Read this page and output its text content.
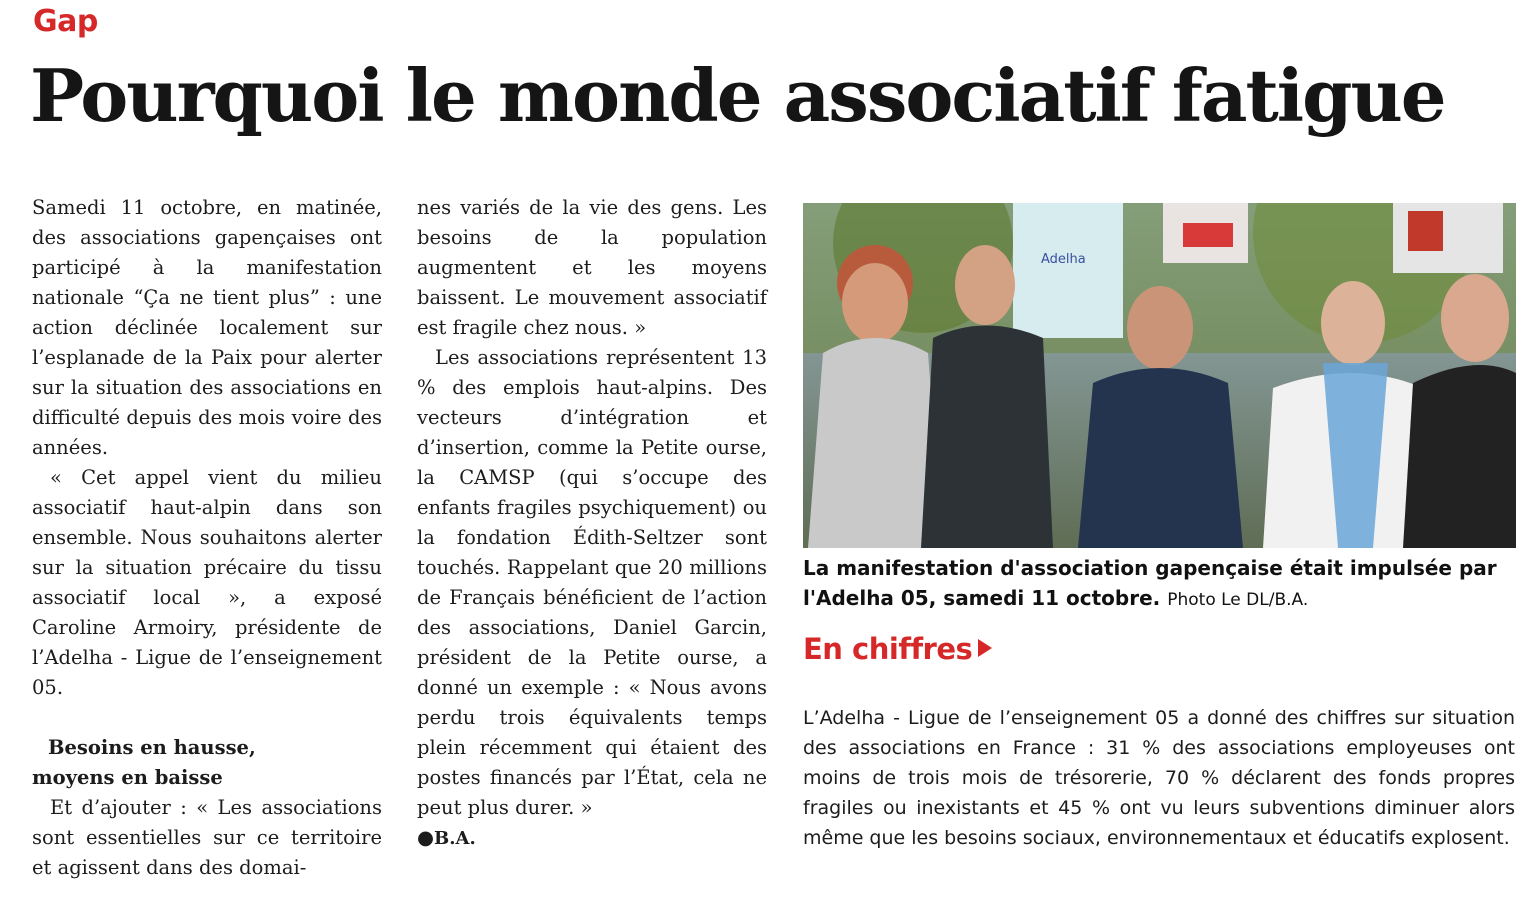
Gap
Pourquoi le monde associatif fatigue

Samedi 11 octobre, en matinée, des associations gapençaises ont participé à la manifestation nationale “Ça ne tient plus” : une action déclinée localement sur l’esplanade de la Paix pour alerter sur la situation des associations en difficulté depuis des mois voire des années.

« Cet appel vient du milieu associatif haut-alpin dans son ensemble. Nous souhaitons alerter sur la situation précaire du tissu associatif local », a exposé Caroline Armoiry, présidente de l’Adelha - Ligue de l’enseignement 05.

Besoins en hausse,
moyens en baisse

Et d’ajouter : « Les associations sont essentielles sur ce territoire et agissent dans des domai-

nes variés de la vie des gens. Les besoins de la population augmentent et les moyens baissent. Le mouvement associatif est fragile chez nous. »

Les associations représentent 13 % des emplois haut-alpins. Des vecteurs d’intégration et d’insertion, comme la Petite ourse, la CAMSP (qui s’occupe des enfants fragiles psychiquement) ou la fondation Édith-Seltzer sont touchés. Rappelant que 20 millions de Français bénéficient de l’action des associations, Daniel Garcin, président de la Petite ourse, a donné un exemple : « Nous avons perdu trois équivalents temps plein récemment qui étaient des postes financés par l’État, cela ne peut plus durer. »

●B.A.

Adelha
La manifestation d'association gapençaise était impulsée par l'Adelha 05, samedi 11 octobre. Photo Le DL/B.A.
En chiffres
L’Adelha - Ligue de l’enseignement 05 a donné des chiffres sur situation des associations en France : 31 % des associations employeuses ont moins de trois mois de trésorerie, 70 % déclarent des fonds propres fragiles ou inexistants et 45 % ont vu leurs subventions diminuer alors même que les besoins sociaux, environnementaux et éducatifs explosent.
